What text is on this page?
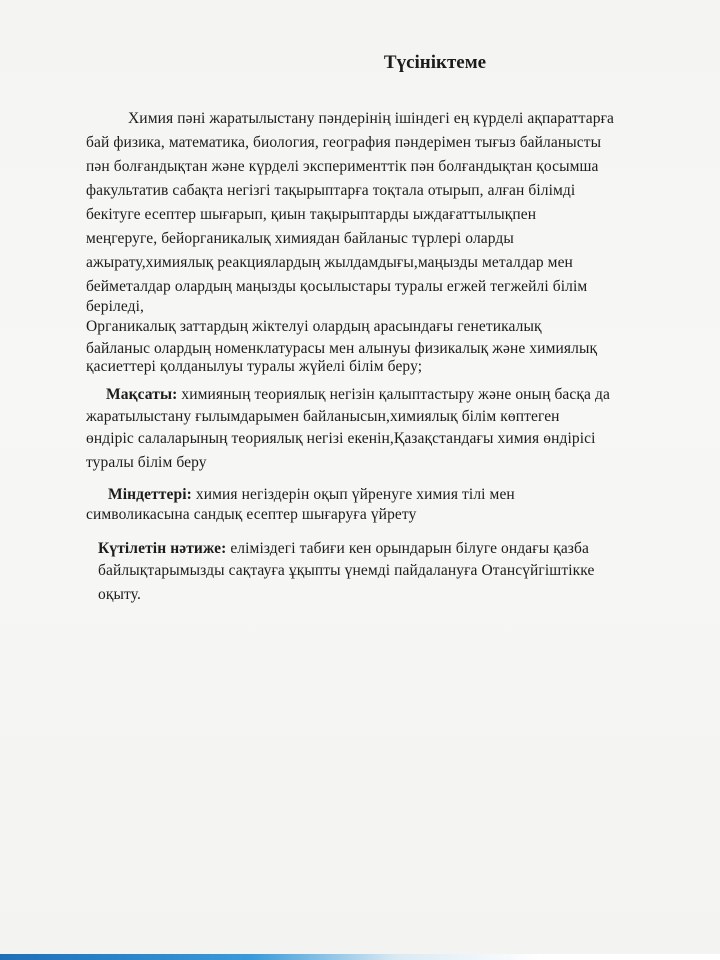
Түсініктеме
Химия пәні жаратылыстану пәндерінің ішіндегі ең күрделі ақпараттарға
бай физика, математика, биология, география пәндерімен тығыз байланысты
пән болғандықтан және күрделі эксперименттік пән болғандықтан қосымша
факультатив сабақта негізгі тақырыптарға тоқтала отырып, алған білімді
бекітуге есептер шығарып, қиын тақырыптарды ыждағаттылықпен
меңгеруге, бейорганикалық химиядан байланыс түрлері оларды
ажырату,химиялық реакциялардың жылдамдығы,маңызды металдар мен
бейметалдар олардың маңызды қосылыстары туралы егжей тегжейлі білім
беріледі,
Органикалық заттардың жіктелуі олардың арасындағы генетикалық
байланыс олардың номенклатурасы мен алынуы физикалық және химиялық
қасиеттері қолданылуы туралы жүйелі білім беру;
Мақсаты: химияның теориялық негізін қалыптастыру және оның басқа да
жаратылыстану ғылымдарымен байланысын,химиялық білім көптеген
өндіріс салаларының теориялық негізі екенін,Қазақстандағы химия өндірісі
туралы білім беру
Міндеттері: химия негіздерін оқып үйренуге химия тілі мен
символикасына сандық есептер шығаруға үйрету
Күтілетін нәтиже: еліміздегі табиғи кен орындарын білуге ондағы қазба
байлықтарымызды сақтауға ұқыпты үнемді пайдалануға Отансүйгіштікке
оқыту.
